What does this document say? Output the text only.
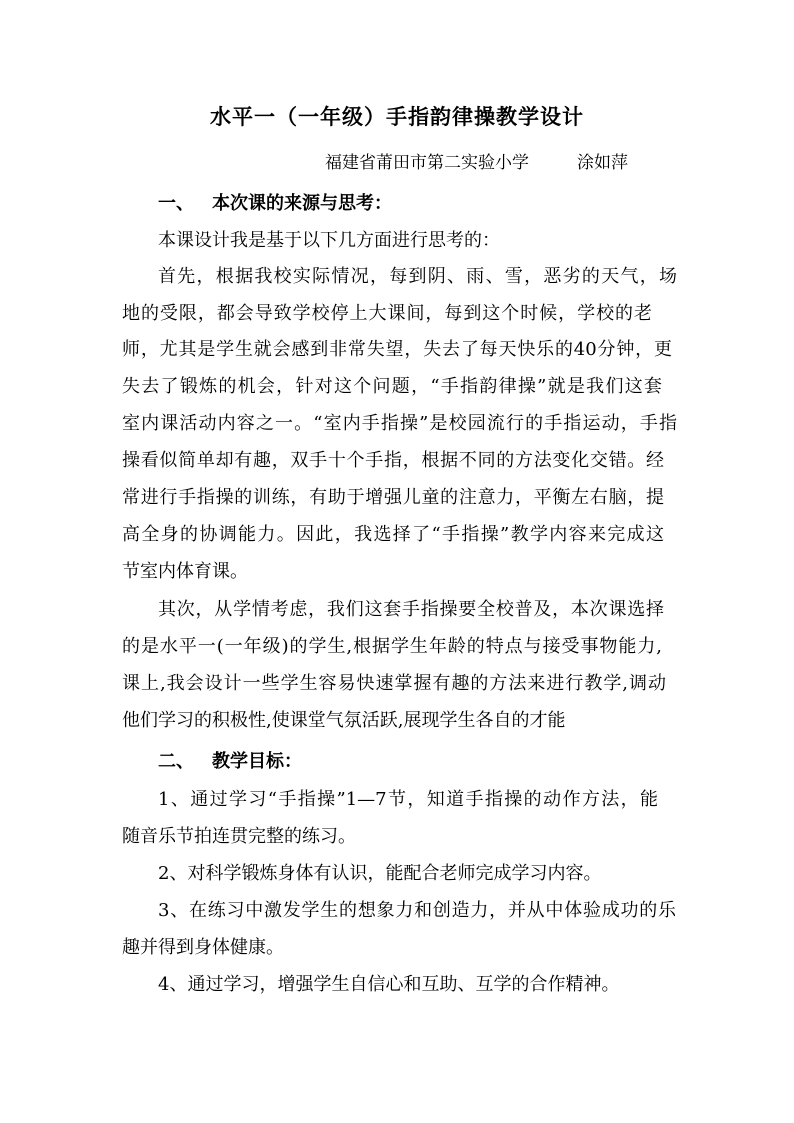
水平一（一年级）手指韵律操教学设计
福建省莆田市第二实验小学	涂如萍
一、 本次课的来源与思考：
本课设计我是基于以下几方面进行思考的：
首先，根据我校实际情况，每到阴、雨、雪，恶劣的天气，场
地的受限，都会导致学校停上大课间，每到这个时候，学校的老
师，尤其是学生就会感到非常失望，失去了每天快乐的40分钟，更
失去了锻炼的机会，针对这个问题，“手指韵律操”就是我们这套
室内课活动内容之一。“室内手指操”是校园流行的手指运动，手指
操看似简单却有趣，双手十个手指，根据不同的方法变化交错。经
常进行手指操的训练，有助于增强儿童的注意力，平衡左右脑，提
高全身的协调能力。因此，我选择了“手指操”教学内容来完成这
节室内体育课。
其次，从学情考虑，我们这套手指操要全校普及，本次课选择
的是水平一(一年级)的学生,根据学生年龄的特点与接受事物能力,
课上,我会设计一些学生容易快速掌握有趣的方法来进行教学,调动
他们学习的积极性,使课堂气氛活跃,展现学生各自的才能
二、 教学目标：
1、通过学习“手指操”1—7节，知道手指操的动作方法，能
随音乐节拍连贯完整的练习。
2、对科学锻炼身体有认识，能配合老师完成学习内容。
3、在练习中激发学生的想象力和创造力，并从中体验成功的乐
趣并得到身体健康。
4、通过学习，增强学生自信心和互助、互学的合作精神。
